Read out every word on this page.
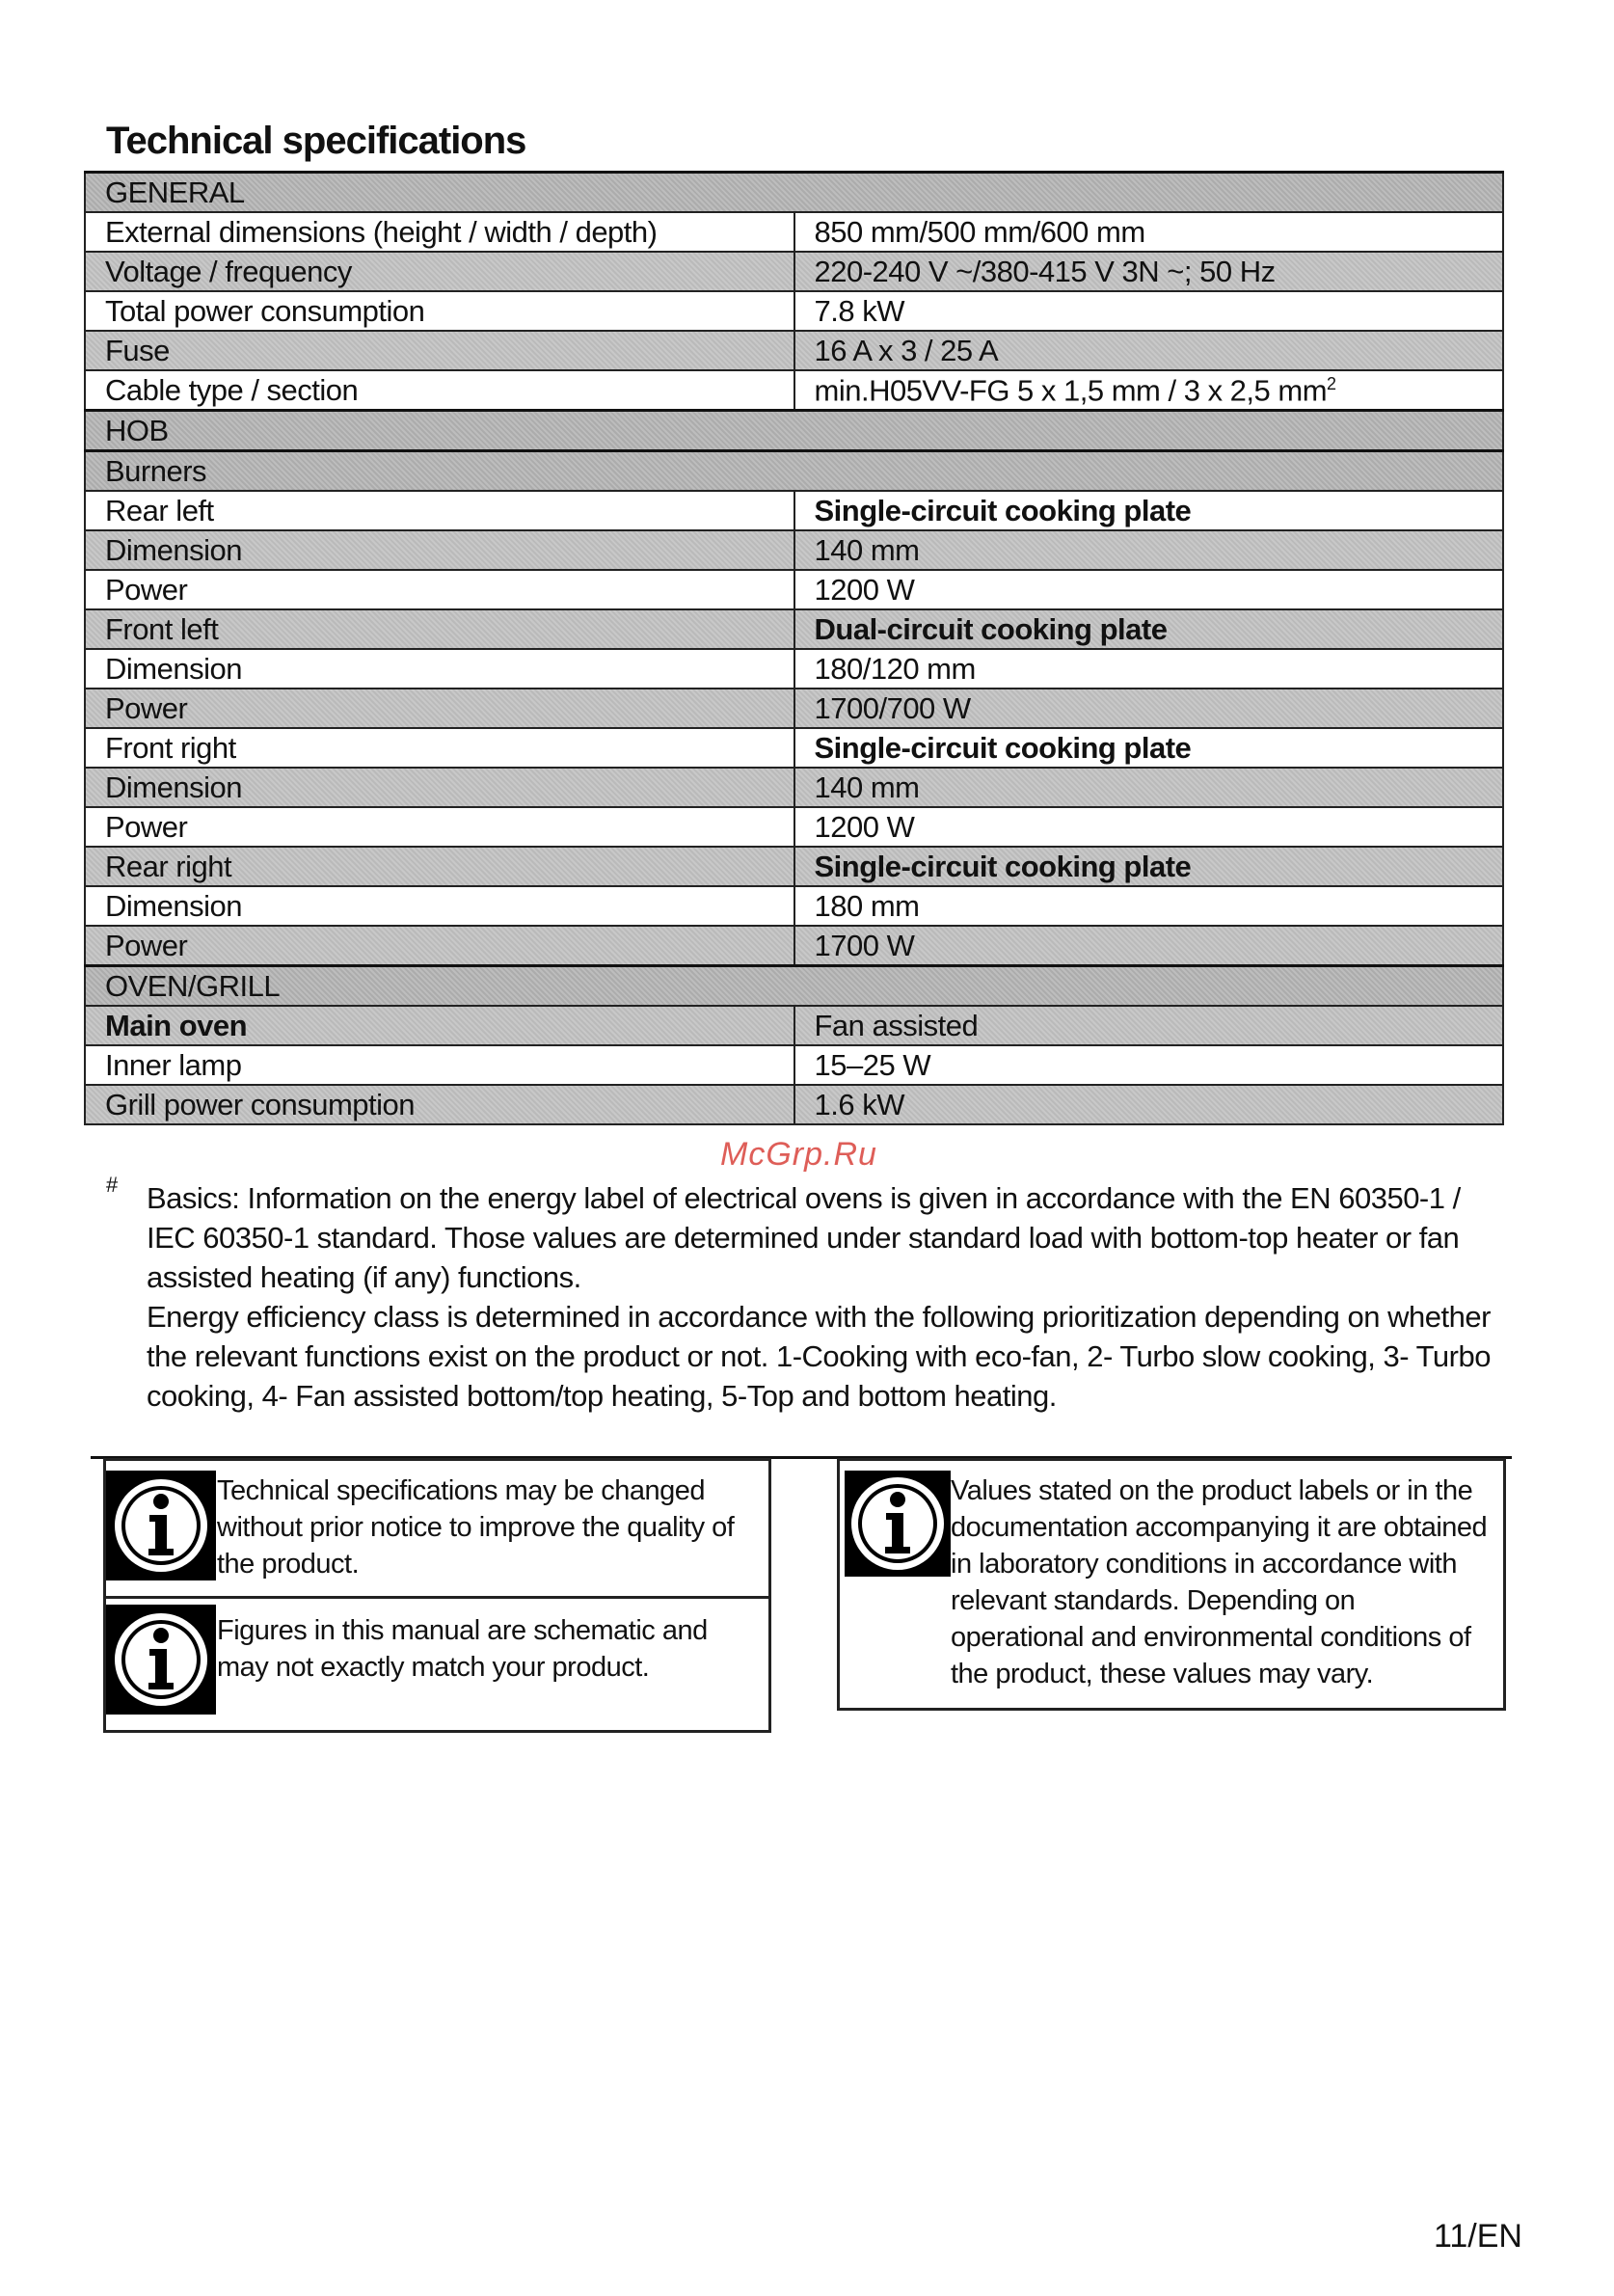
Technical specifications
GENERAL	
External dimensions (height / width / depth)	850 mm/500 mm/600 mm
Voltage / frequency	220-240 V ~/380-415 V 3N ~; 50 Hz
Total power consumption	7.8 kW
Fuse	16 A x 3 / 25 A
Cable type / section	min.H05VV-FG 5 x 1,5 mm / 3 x 2,5 $mm^2$
HOB	
Burners	
Rear left	Single-circuit cooking plate
Dimension	140 mm
Power	1200 W
Front left	Dual-circuit cooking plate
Dimension	180/120 mm
Power	1700/700 W
Front right	Single-circuit cooking plate
Dimension	140 mm
Power	1200 W
Rear right	Single-circuit cooking plate
Dimension	180 mm
Power	1700 W
OVEN/GRILL	
Main oven	Fan assisted
Inner lamp	15–25 W
Grill power consumption	1.6 kW
McGrp.Ru
# Basics: Information on the energy label of electrical ovens is given in accordance with the EN 60350-1 / IEC 60350-1 standard. Those values are determined under standard load with bottom-top heater or fan assisted heating (if any) functions.

Energy efficiency class is determined in accordance with the following prioritization depending on whether the relevant functions exist on the product or not. 1-Cooking with eco-fan, 2- Turbo slow cooking, 3- Turbo cooking, 4- Fan assisted bottom/top heating, 5-Top and bottom heating.

Technical specifications may be changed without prior notice to improve the quality of the product.
Figures in this manual are schematic and may not exactly match your product.
Values stated on the product labels or in the documentation accompanying it are obtained in laboratory conditions in accordance with relevant standards. Depending on operational and environmental conditions of the product, these values may vary.
11/EN
